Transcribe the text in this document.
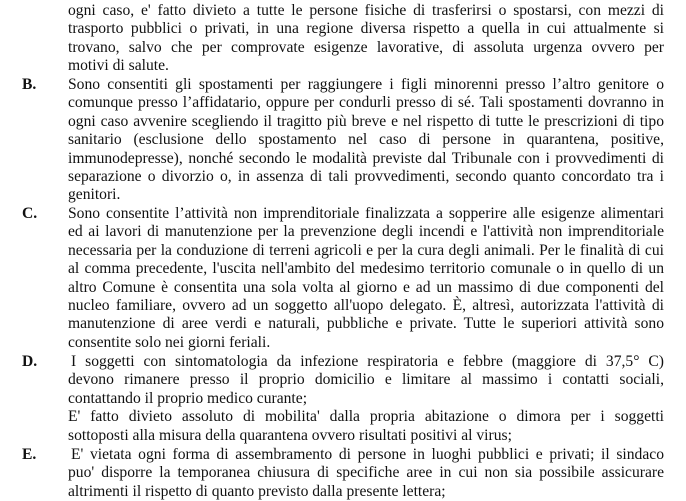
ogni caso, e' fatto divieto a tutte le persone fisiche di trasferirsi o spostarsi, con mezzi di
trasporto pubblici o privati, in una regione diversa rispetto a quella in cui attualmente si
trovano, salvo che per comprovate esigenze lavorative, di assoluta urgenza ovvero per
motivi di salute.
B. Sono consentiti gli spostamenti per raggiungere i figli minorenni presso l’altro genitore o
comunque presso l’affidatario, oppure per condurli presso di sé. Tali spostamenti dovranno in
ogni caso avvenire scegliendo il tragitto più breve e nel rispetto di tutte le prescrizioni di tipo
sanitario (esclusione dello spostamento nel caso di persone in quarantena, positive,
immunodepresse), nonché secondo le modalità previste dal Tribunale con i provvedimenti di
separazione o divorzio o, in assenza di tali provvedimenti, secondo quanto concordato tra i
genitori.
C. Sono consentite l’attività non imprenditoriale finalizzata a sopperire alle esigenze alimentari
ed ai lavori di manutenzione per la prevenzione degli incendi e l'attività non imprenditoriale
necessaria per la conduzione di terreni agricoli e per la cura degli animali. Per le finalità di cui
al comma precedente, l'uscita nell'ambito del medesimo territorio comunale o in quello di un
altro Comune è consentita una sola volta al giorno e ad un massimo di due componenti del
nucleo familiare, ovvero ad un soggetto all'uopo delegato. È, altresì, autorizzata l'attività di
manutenzione di aree verdi e naturali, pubbliche e private. Tutte le superiori attività sono
consentite solo nei giorni feriali.
D. I soggetti con sintomatologia da infezione respiratoria e febbre (maggiore di 37,5° C)
devono rimanere presso il proprio domicilio e limitare al massimo i contatti sociali,
contattando il proprio medico curante;
E' fatto divieto assoluto di mobilita' dalla propria abitazione o dimora per i soggetti
sottoposti alla misura della quarantena ovvero risultati positivi al virus;
E. E' vietata ogni forma di assembramento di persone in luoghi pubblici e privati; il sindaco
puo' disporre la temporanea chiusura di specifiche aree in cui non sia possibile assicurare
altrimenti il rispetto di quanto previsto dalla presente lettera;
